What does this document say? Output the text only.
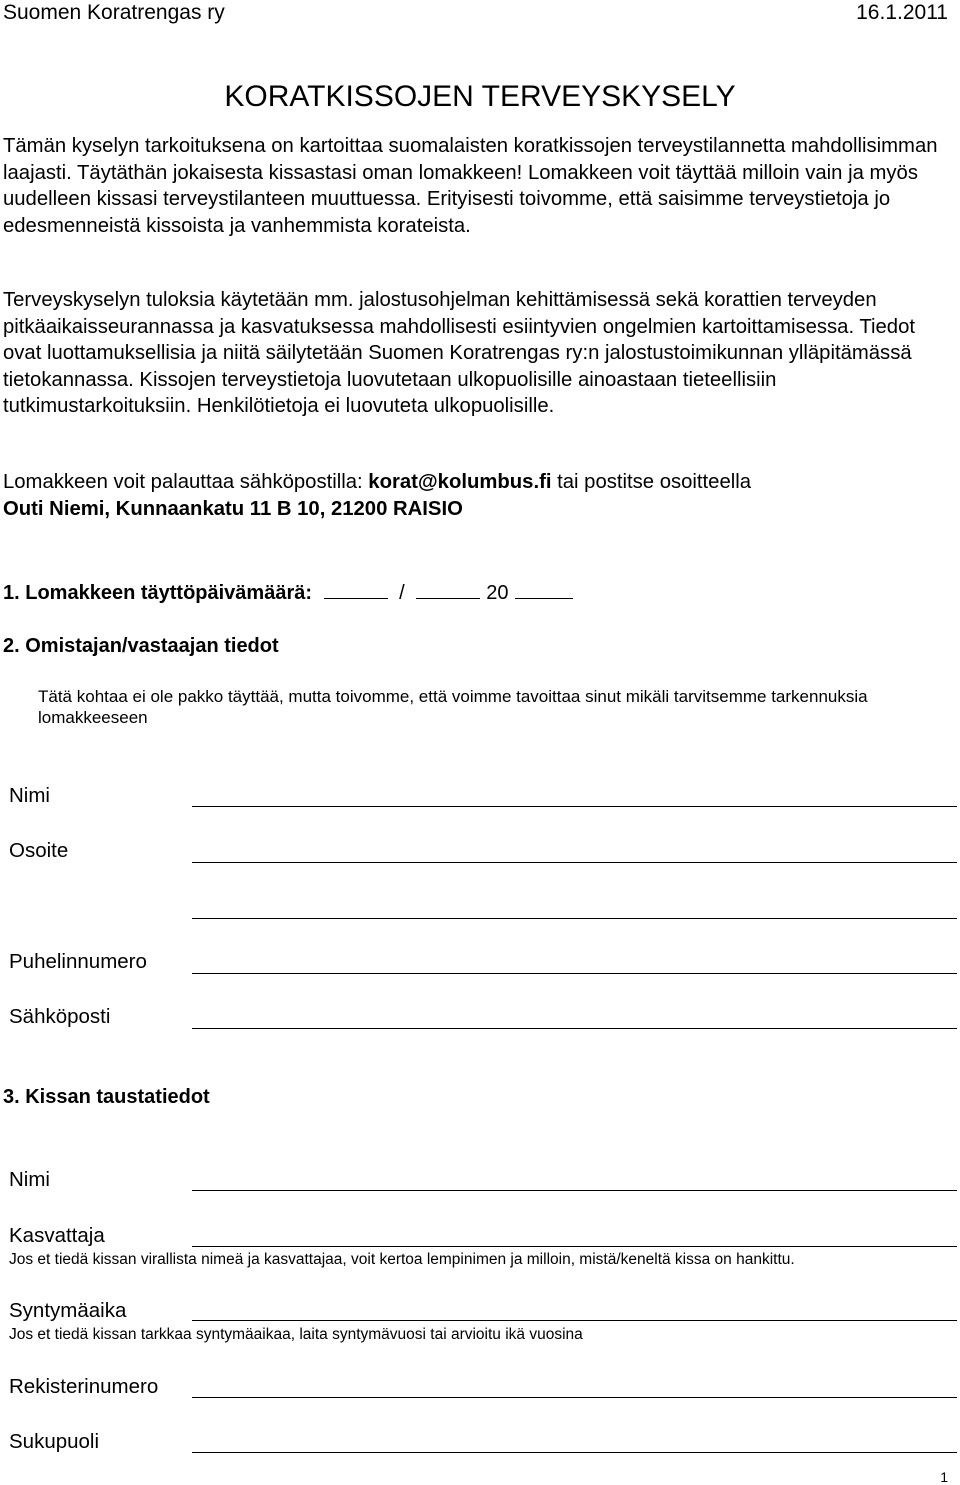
Suomen Koratrengas ry	16.1.2011
KORATKISSOJEN TERVEYSKYSELY
Tämän kyselyn tarkoituksena on kartoittaa suomalaisten koratkissojen terveystilannetta mahdollisimman laajasti. Täytäthän jokaisesta kissastasi oman lomakkeen! Lomakkeen voit täyttää milloin vain ja myös uudelleen kissasi terveystilanteen muuttuessa. Erityisesti toivomme, että saisimme terveystietoja jo edesmenneistä kissoista ja vanhemmista korateista.
Terveyskyselyn tuloksia käytetään mm. jalostusohjelman kehittämisessä sekä korattien terveyden pitkäaikaisseurannassa ja kasvatuksessa mahdollisesti esiintyvien ongelmien kartoittamisessa. Tiedot ovat luottamuksellisia ja niitä säilytetään Suomen Koratrengas ry:n jalostustoimikunnan ylläpitämässä tietokannassa. Kissojen terveystietoja luovutetaan ulkopuolisille ainoastaan tieteellisiin tutkimustarkoituksiin. Henkilötietoja ei luovuteta ulkopuolisille.
Lomakkeen voit palauttaa sähköpostilla: korat@kolumbus.fi tai postitse osoitteella
Outi Niemi, Kunnaankatu 11 B 10, 21200 RAISIO
1. Lomakkeen täyttöpäivämäärä:	/	20
2. Omistajan/vastaajan tiedot
Tätä kohtaa ei ole pakko täyttää, mutta toivomme, että voimme tavoittaa sinut mikäli tarvitsemme tarkennuksia lomakkeeseen
Nimi
Osoite
Puhelinnumero
Sähköposti
3. Kissan taustatiedot
Nimi
Kasvattaja
Jos et tiedä kissan virallista nimeä ja kasvattajaa, voit kertoa lempinimen ja milloin, mistä/keneltä kissa on hankittu.
Syntymäaika
Jos et tiedä kissan tarkkaa syntymäaikaa, laita syntymävuosi tai arvioitu ikä vuosina
Rekisterinumero
Sukupuoli
1
